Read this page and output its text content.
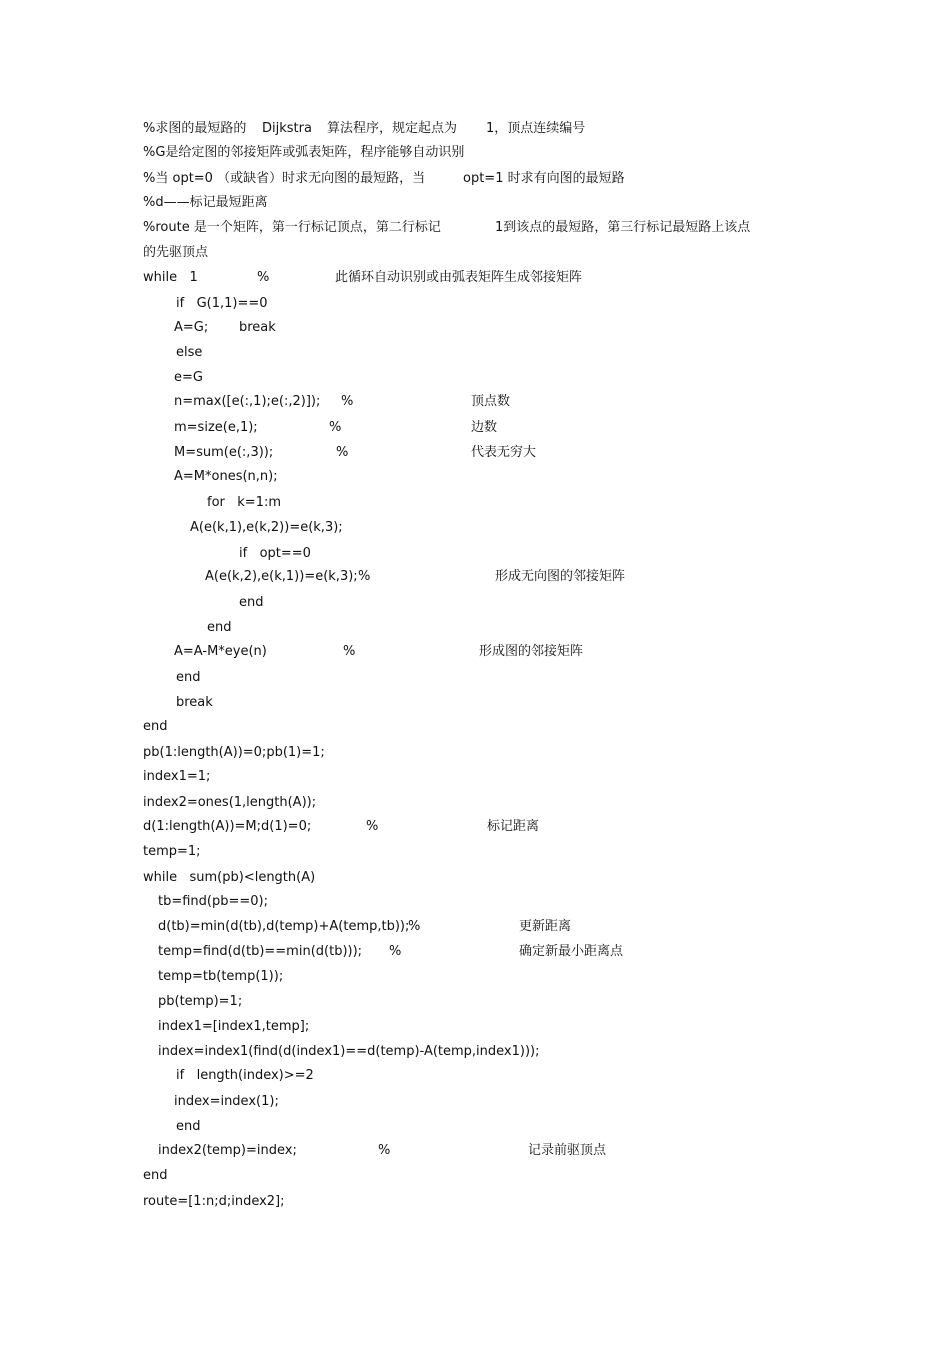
%求图的最短路的 Dijkstra 算法程序，规定起点为 1，顶点连续编号
%G是给定图的邻接矩阵或弧表矩阵，程序能够自动识别
%当 opt=0 （或缺省）时求无向图的最短路，当	opt=1 时求有向图的最短路
%d——标记最短距离
%route 是一个矩阵，第一行标记顶点，第二行标记	1到该点的最短路，第三行标记最短路上该点
的先驱顶点
while   1	%	此循环自动识别或由弧表矩阵生成邻接矩阵
if   G(1,1)==0
A=G; break
else
e=G
n=max([e(:,1);e(:,2)]); %	顶点数
m=size(e,1);	%	边数
M=sum(e(:,3));	%	代表无穷大
A=M*ones(n,n);
for   k=1:m
A(e(k,1),e(k,2))=e(k,3);
if   opt==0
A(e(k,2),e(k,1))=e(k,3); %	形成无向图的邻接矩阵
end
end
A=A-M*eye(n)	%	形成图的邻接矩阵
end
break
end
pb(1:length(A))=0;pb(1)=1;
index1=1;
index2=ones(1,length(A));
d(1:length(A))=M;d(1)=0;	%	标记距离
temp=1;
while   sum(pb)<length(A)
tb=find(pb==0);
d(tb)=min(d(tb),d(temp)+A(temp,tb));
%	更新距离
temp=find(d(tb)==min(d(tb))); %	确定新最小距离点
temp=tb(temp(1));
pb(temp)=1;
index1=[index1,temp];
index=index1(find(d(index1)==d(temp)-A(temp,index1)));
if   length(index)>=2
index=index(1);
end
index2(temp)=index;	%	记录前驱顶点
end
route=[1:n;d;index2];
